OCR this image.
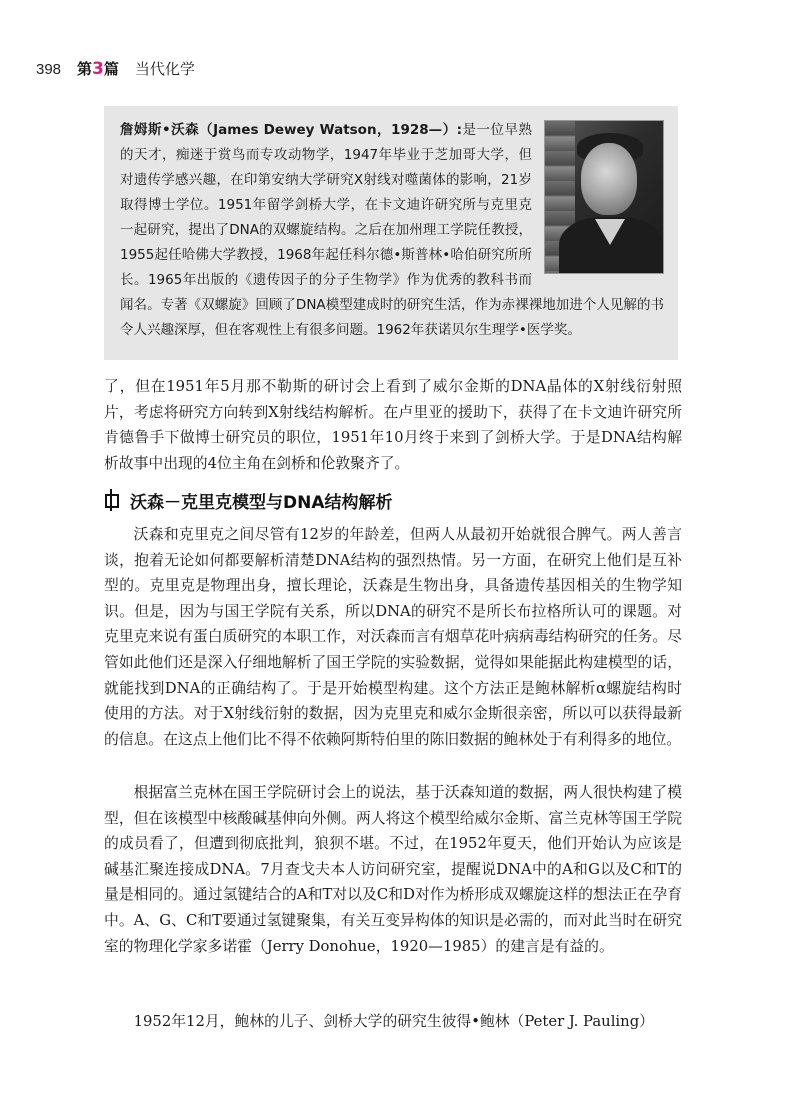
398 第3篇 当代化学

詹姆斯•沃森（James Dewey Watson，1928—）:是一位早熟的天才，痴迷于赏鸟而专攻动物学，1947年毕业于芝加哥大学，但对遗传学感兴趣，在印第安纳大学研究X射线对噬菌体的影响，21岁取得博士学位。1951年留学剑桥大学，在卡文迪许研究所与克里克一起研究，提出了DNA的双螺旋结构。之后在加州理工学院任教授，1955起任哈佛大学教授，1968年起任科尔德•斯普林•哈伯研究所所长。1965年出版的《遗传因子的分子生物学》作为优秀的教科书而闻名。专著《双螺旋》回顾了DNA模型建成时的研究生活，作为赤裸裸地加进个人见解的书令人兴趣深厚，但在客观性上有很多问题。1962年获诺贝尔生理学•医学奖。

了，但在1951年5月那不勒斯的研讨会上看到了威尔金斯的DNA晶体的X射线衍射照片，考虑将研究方向转到X射线结构解析。在卢里亚的援助下，获得了在卡文迪许研究所肯德鲁手下做博士研究员的职位，1951年10月终于来到了剑桥大学。于是DNA结构解析故事中出现的4位主角在剑桥和伦敦聚齐了。

沃森－克里克模型与DNA结构解析

沃森和克里克之间尽管有12岁的年龄差，但两人从最初开始就很合脾气。两人善言谈，抱着无论如何都要解析清楚DNA结构的强烈热情。另一方面，在研究上他们是互补型的。克里克是物理出身，擅长理论，沃森是生物出身，具备遗传基因相关的生物学知识。但是，因为与国王学院有关系，所以DNA的研究不是所长布拉格所认可的课题。对克里克来说有蛋白质研究的本职工作，对沃森而言有烟草花叶病病毒结构研究的任务。尽管如此他们还是深入仔细地解析了国王学院的实验数据，觉得如果能据此构建模型的话，就能找到DNA的正确结构了。于是开始模型构建。这个方法正是鲍林解析α螺旋结构时使用的方法。对于X射线衍射的数据，因为克里克和威尔金斯很亲密，所以可以获得最新的信息。在这点上他们比不得不依赖阿斯特伯里的陈旧数据的鲍林处于有利得多的地位。

根据富兰克林在国王学院研讨会上的说法，基于沃森知道的数据，两人很快构建了模型，但在该模型中核酸碱基伸向外侧。两人将这个模型给威尔金斯、富兰克林等国王学院的成员看了，但遭到彻底批判，狼狈不堪。不过，在1952年夏天，他们开始认为应该是碱基汇聚连接成DNA。7月查戈夫本人访问研究室，提醒说DNA中的A和G以及C和T的量是相同的。通过氢键结合的A和T对以及C和D对作为桥形成双螺旋这样的想法正在孕育中。A、G、C和T要通过氢键聚集，有关互变异构体的知识是必需的，而对此当时在研究室的物理化学家多诺霍（Jerry Donohue，1920—1985）的建言是有益的。

1952年12月，鲍林的儿子、剑桥大学的研究生彼得•鲍林（Peter J. Pauling）
